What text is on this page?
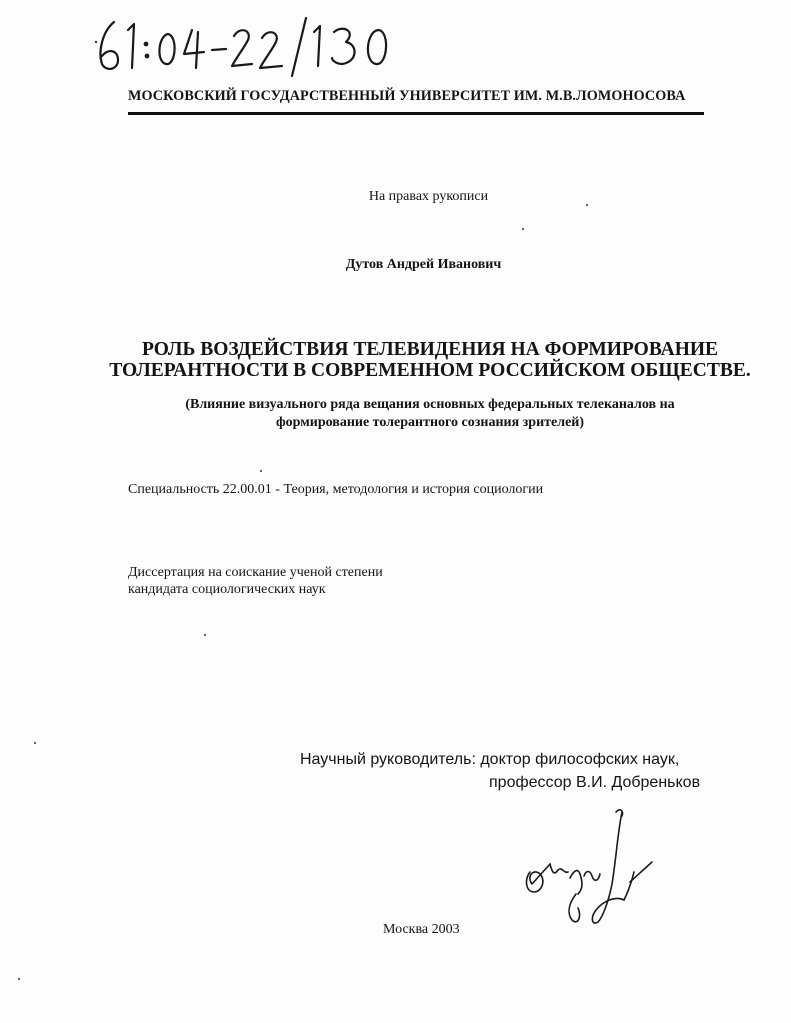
МОСКОВСКИЙ ГОСУДАРСТВЕННЫЙ УНИВЕРСИТЕТ ИМ. М.В.ЛОМОНОСОВА
На правах рукописи
Дутов Андрей Иванович
РОЛЬ ВОЗДЕЙСТВИЯ ТЕЛЕВИДЕНИЯ НА ФОРМИРОВАНИЕ
ТОЛЕРАНТНОСТИ В СОВРЕМЕННОМ РОССИЙСКОМ ОБЩЕСТВЕ.
(Влияние визуального ряда вещания основных федеральных телеканалов на
формирование толерантного сознания зрителей)
Специальность 22.00.01 - Теория, методология и история социологии
Диссертация на соискание ученой степени
кандидата социологических наук
Научный руководитель: доктор философских наук,
профессор В.И. Добреньков
Москва 2003
